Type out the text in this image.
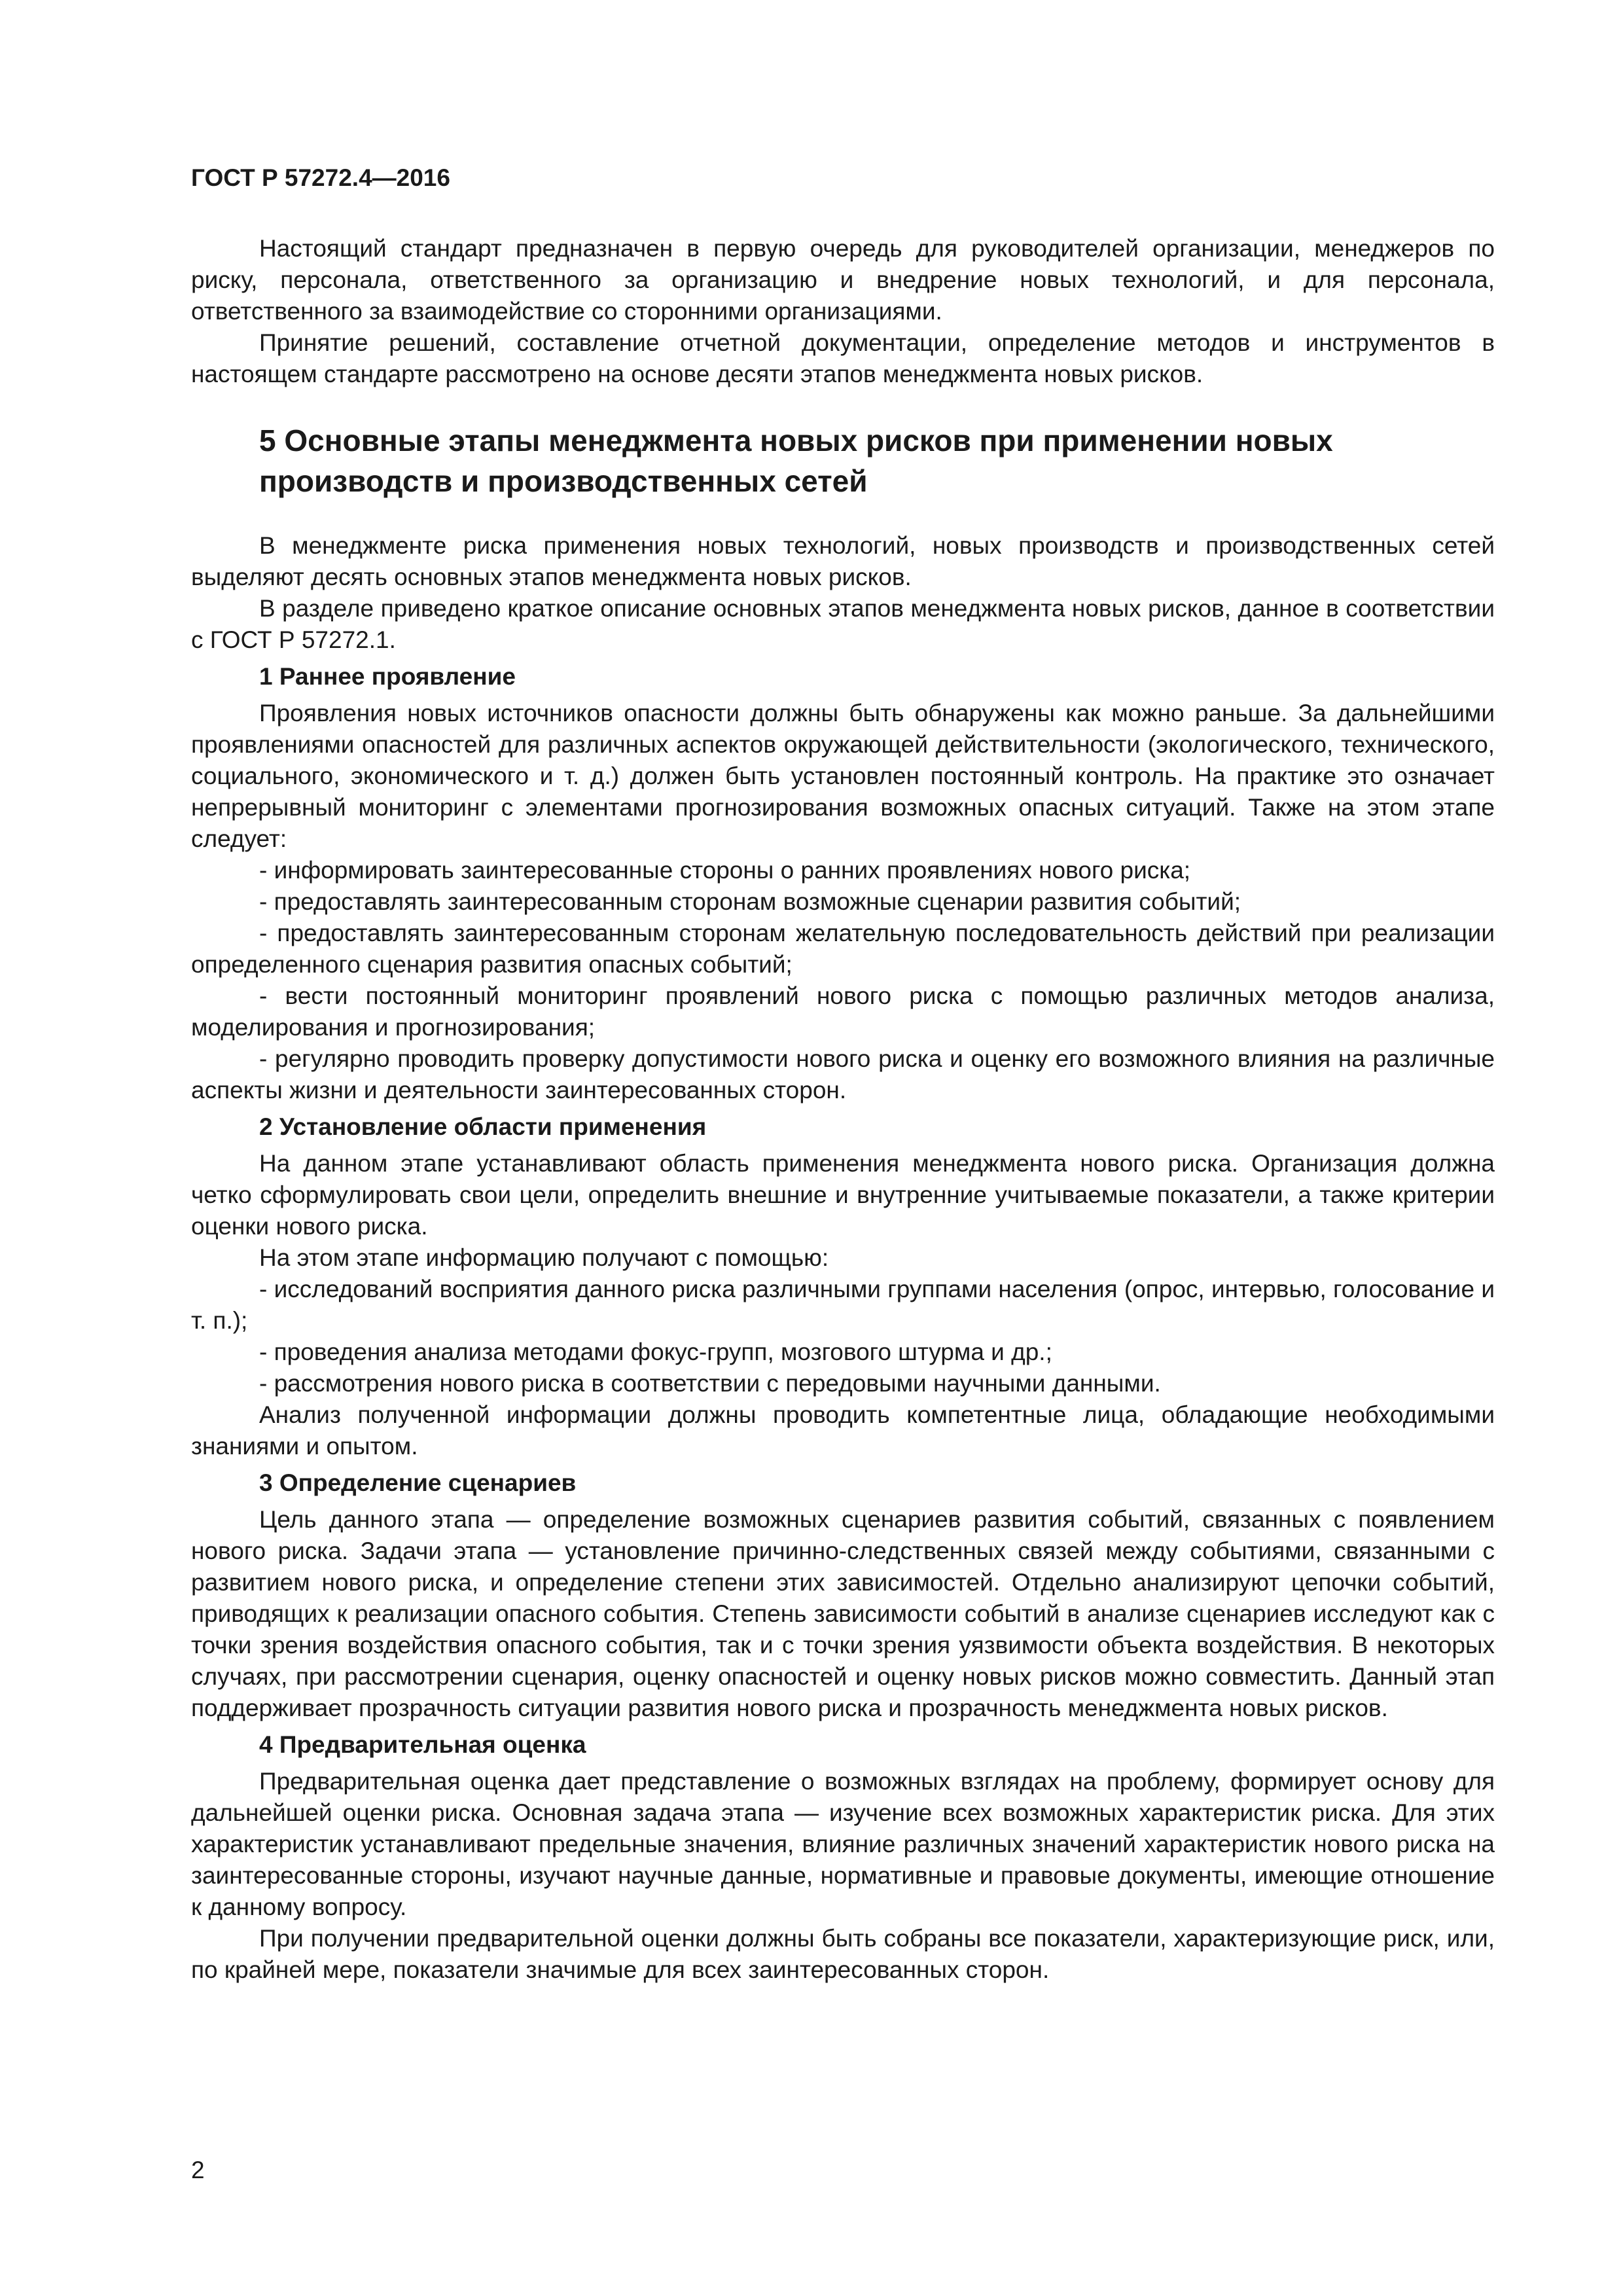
ГОСТ Р 57272.4—2016

Настоящий стандарт предназначен в первую очередь для руководителей организации, менеджеров по риску, персонала, ответственного за организацию и внедрение новых технологий, и для персонала, ответственного за взаимодействие со сторонними организациями.

Принятие решений, составление отчетной документации, определение методов и инструментов в настоящем стандарте рассмотрено на основе десяти этапов менеджмента новых рисков.

5 Основные этапы менеджмента новых рисков при применении новых производств и производственных сетей

В менеджменте риска применения новых технологий, новых производств и производственных сетей выделяют десять основных этапов менеджмента новых рисков.

В разделе приведено краткое описание основных этапов менеджмента новых рисков, данное в соответствии с ГОСТ Р 57272.1.

1 Раннее проявление

Проявления новых источников опасности должны быть обнаружены как можно раньше. За дальнейшими проявлениями опасностей для различных аспектов окружающей действительности (экологического, технического, социального, экономического и т. д.) должен быть установлен постоянный контроль. На практике это означает непрерывный мониторинг с элементами прогнозирования возможных опасных ситуаций. Также на этом этапе следует:

- информировать заинтересованные стороны о ранних проявлениях нового риска;

- предоставлять заинтересованным сторонам возможные сценарии развития событий;

- предоставлять заинтересованным сторонам желательную последовательность действий при реализации определенного сценария развития опасных событий;

- вести постоянный мониторинг проявлений нового риска с помощью различных методов анализа, моделирования и прогнозирования;

- регулярно проводить проверку допустимости нового риска и оценку его возможного влияния на различные аспекты жизни и деятельности заинтересованных сторон.

2 Установление области применения

На данном этапе устанавливают область применения менеджмента нового риска. Организация должна четко сформулировать свои цели, определить внешние и внутренние учитываемые показатели, а также критерии оценки нового риска.

На этом этапе информацию получают с помощью:

- исследований восприятия данного риска различными группами населения (опрос, интервью, голосование и т. п.);

- проведения анализа методами фокус-групп, мозгового штурма и др.;

- рассмотрения нового риска в соответствии с передовыми научными данными.

Анализ полученной информации должны проводить компетентные лица, обладающие необходимыми знаниями и опытом.

3 Определение сценариев

Цель данного этапа — определение возможных сценариев развития событий, связанных с появлением нового риска. Задачи этапа — установление причинно-следственных связей между событиями, связанными с развитием нового риска, и определение степени этих зависимостей. Отдельно анализируют цепочки событий, приводящих к реализации опасного события. Степень зависимости событий в анализе сценариев исследуют как с точки зрения воздействия опасного события, так и с точки зрения уязвимости объекта воздействия. В некоторых случаях, при рассмотрении сценария, оценку опасностей и оценку новых рисков можно совместить. Данный этап поддерживает прозрачность ситуации развития нового риска и прозрачность менеджмента новых рисков.

4 Предварительная оценка

Предварительная оценка дает представление о возможных взглядах на проблему, формирует основу для дальнейшей оценки риска. Основная задача этапа — изучение всех возможных характеристик риска. Для этих характеристик устанавливают предельные значения, влияние различных значений характеристик нового риска на заинтересованные стороны, изучают научные данные, нормативные и правовые документы, имеющие отношение к данному вопросу.

При получении предварительной оценки должны быть собраны все показатели, характеризующие риск, или, по крайней мере, показатели значимые для всех заинтересованных сторон.

2
